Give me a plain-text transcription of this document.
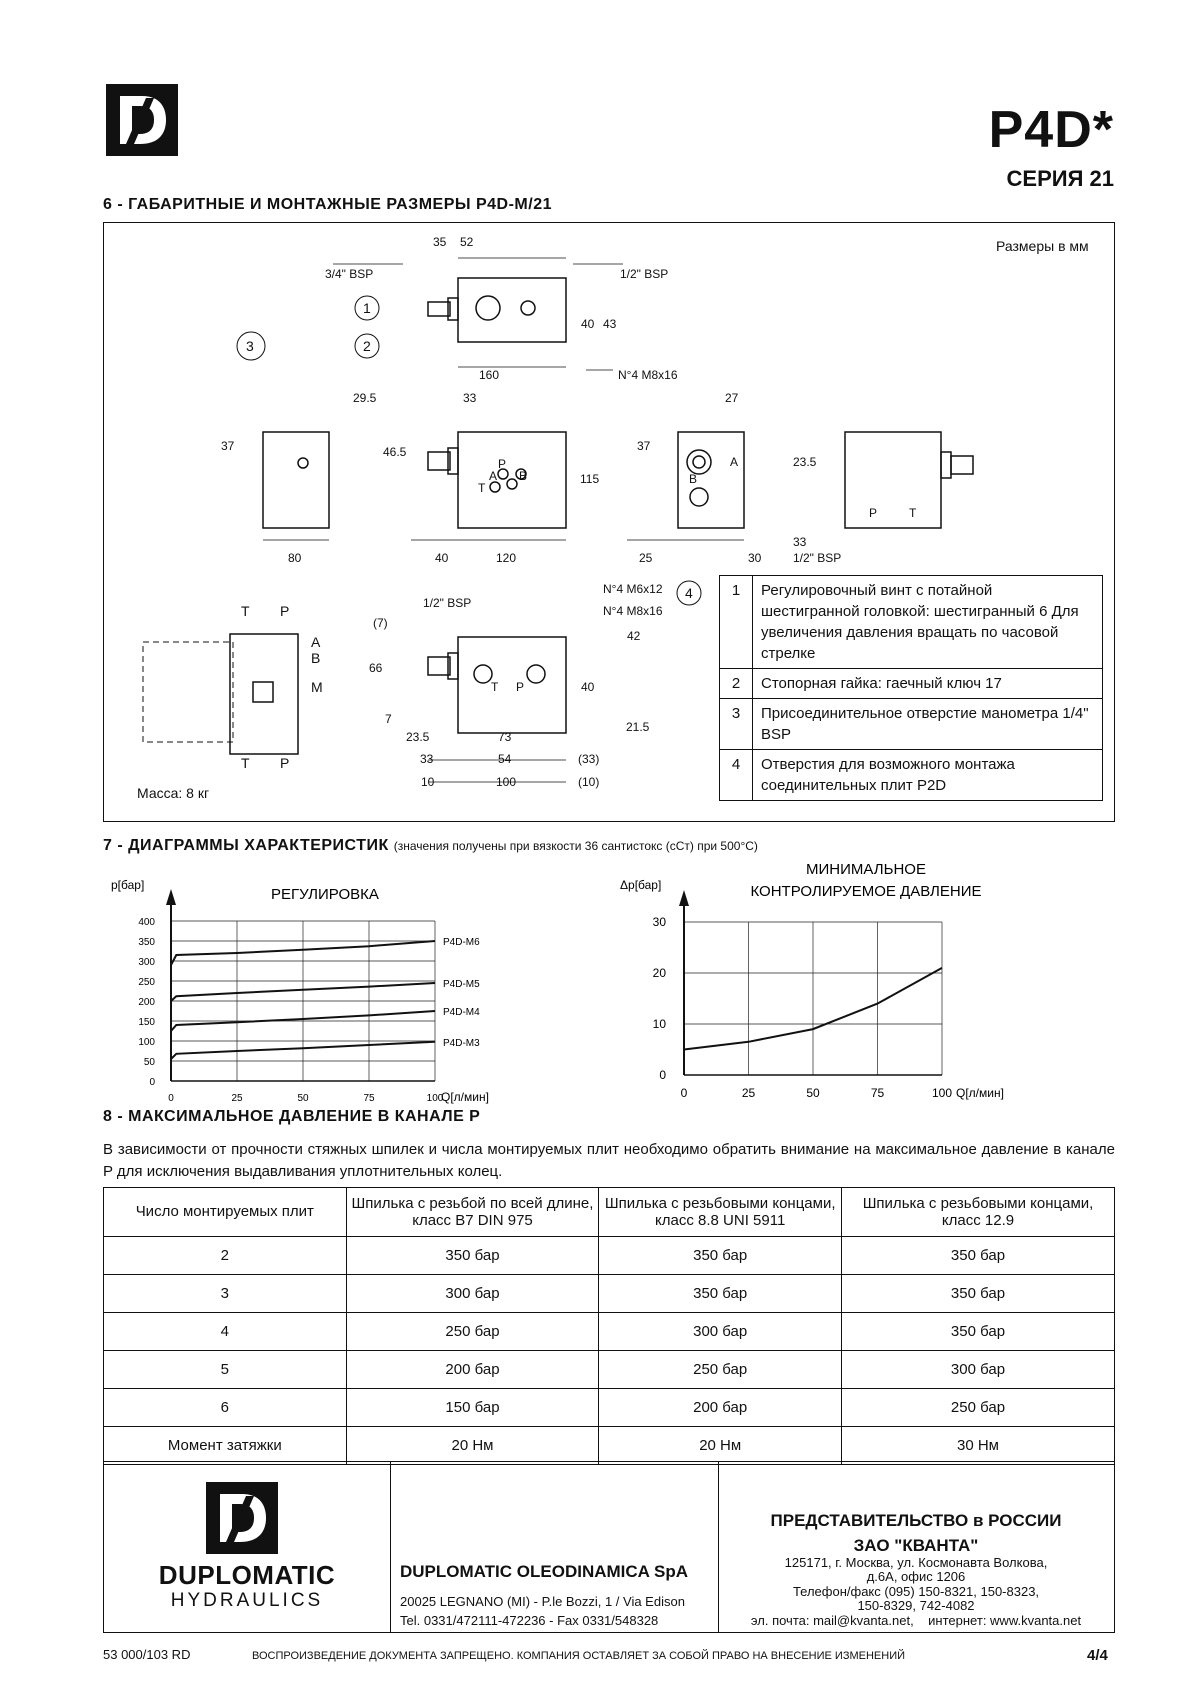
P4D*
СЕРИЯ 21
6 - ГАБАРИТНЫЕ И МОНТАЖНЫЕ РАЗМЕРЫ P4D-M/21
Размеры в мм
35 52
3/4" BSP	1/2" BSP
40 43
160	N°4 M8x16
1
2
3
29.5
37
80
33
46.5
115
40	120
P
A B
T
27
37
23.5
33
1/2" BSP
25	30
B
A
P	T
1/2" BSP
N°4 M6x12
N°4 M8x16
4
(7)
66
7
42
40
21.5
23.5	73
33	54	(33)
10	100	(10)
T P
T P
A
B
M
T P
1	Регулировочный винт с потайной шестигранной головкой: шестигранный 6 Для увеличения давления вращать по часовой стрелке
2	Стопорная гайка: гаечный ключ 17
3	Присоединительное отверстие манометра 1/4" BSP
4	Отверстия для возможного монтажа соединительных плит P2D
Масса: 8 кг
7 - ДИАГРАММЫ ХАРАКТЕРИСТИК (значения получены при вязкости 36 сантистокс (сСт) при 500°С)
0	25	50	75	100
0
50
100
150
200
250
300
350
400
p[бар]
Q[л/мин]
P4D-M6
P4D-M5
P4D-M4
P4D-M3
РЕГУЛИРОВКА
0	25	50	75	100
0
10
20
30
Δp[бар]
Q[л/мин]
МИНИМАЛЬНОЕ КОНТРОЛИРУЕМОЕ ДАВЛЕНИЕ
8 - МАКСИМАЛЬНОЕ ДАВЛЕНИЕ В КАНАЛЕ P
В зависимости от прочности стяжных шпилек и числа монтируемых плит необходимо обратить внимание на максимальное давление в канале P для исключения выдавливания уплотнительных колец.
Число монтируемых плит	Шпилька с резьбой по всей длине, класс B7 DIN 975	Шпилька с резьбовыми концами, класс 8.8 UNI 5911	Шпилька с резьбовыми концами, класс 12.9
2	350 бар	350 бар	350 бар
3	300 бар	350 бар	350 бар
4	250 бар	300 бар	350 бар
5	200 бар	250 бар	300 бар
6	150 бар	200 бар	250 бар
Момент затяжки	20 Нм	20 Нм	30 Нм
DUPLOMATIC
HYDRAULICS
DUPLOMATIC OLEODINAMICA SpA
20025 LEGNANO (MI) - P.le Bozzi, 1 / Via Edison
Tel. 0331/472111-472236 - Fax 0331/548328
ПРЕДСТАВИТЕЛЬСТВО в РОССИИ
ЗАО "КВАНТА"
125171, г. Москва, ул. Космонавта Волкова,
д.6А, офис 1206
Телефон/факс (095) 150-8321, 150-8323,
150-8329, 742-4082
эл. почта: mail@kvanta.net, интернет: www.kvanta.net
53 000/103 RD	ВОСПРОИЗВЕДЕНИЕ ДОКУМЕНТА ЗАПРЕЩЕНО. КОМПАНИЯ ОСТАВЛЯЕТ ЗА СОБОЙ ПРАВО НА ВНЕСЕНИЕ ИЗМЕНЕНИЙ	4/4
